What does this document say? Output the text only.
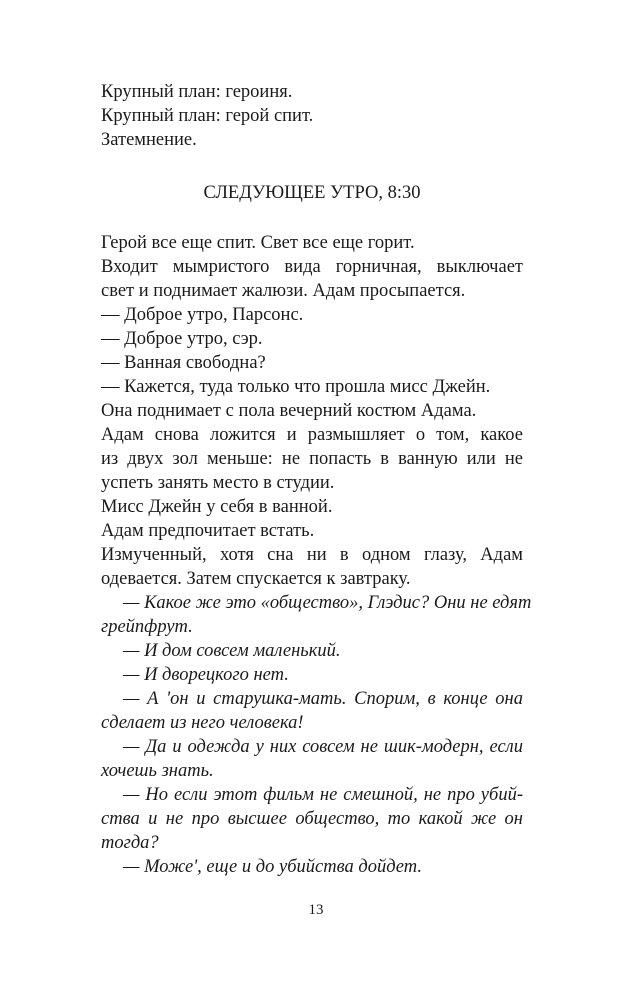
Крупный план: героиня.
Крупный план: герой спит.
Затемнение.
СЛЕДУЮЩЕЕ УТРО, 8:30
Герой все еще спит. Свет все еще горит.
Входит мымристого вида горничная, выключает
свет и поднимает жалюзи. Адам просыпается.
— Доброе утро, Парсонс.
— Доброе утро, сэр.
— Ванная свободна?
— Кажется, туда только что прошла мисс Джейн.
Она поднимает с пола вечерний костюм Адама.
Адам снова ложится и размышляет о том, какое
из двух зол меньше: не попасть в ванную или не
успеть занять место в студии.
Мисс Джейн у себя в ванной.
Адам предпочитает встать.
Измученный, хотя сна ни в одном глазу, Адам
одевается. Затем спускается к завтраку.
— Какое же это «общество», Глэдис? Они не едят
грейпфрут.
— И дом совсем маленький.
— И дворецкого нет.
— А 'он и старушка-мать. Спорим, в конце она
сделает из него человека!
— Да и одежда у них совсем не шик-модерн, если
хочешь знать.
— Но если этот фильм не смешной, не про убий-
ства и не про высшее общество, то какой же он
тогда?
— Може', еще и до убийства дойдет.
13
